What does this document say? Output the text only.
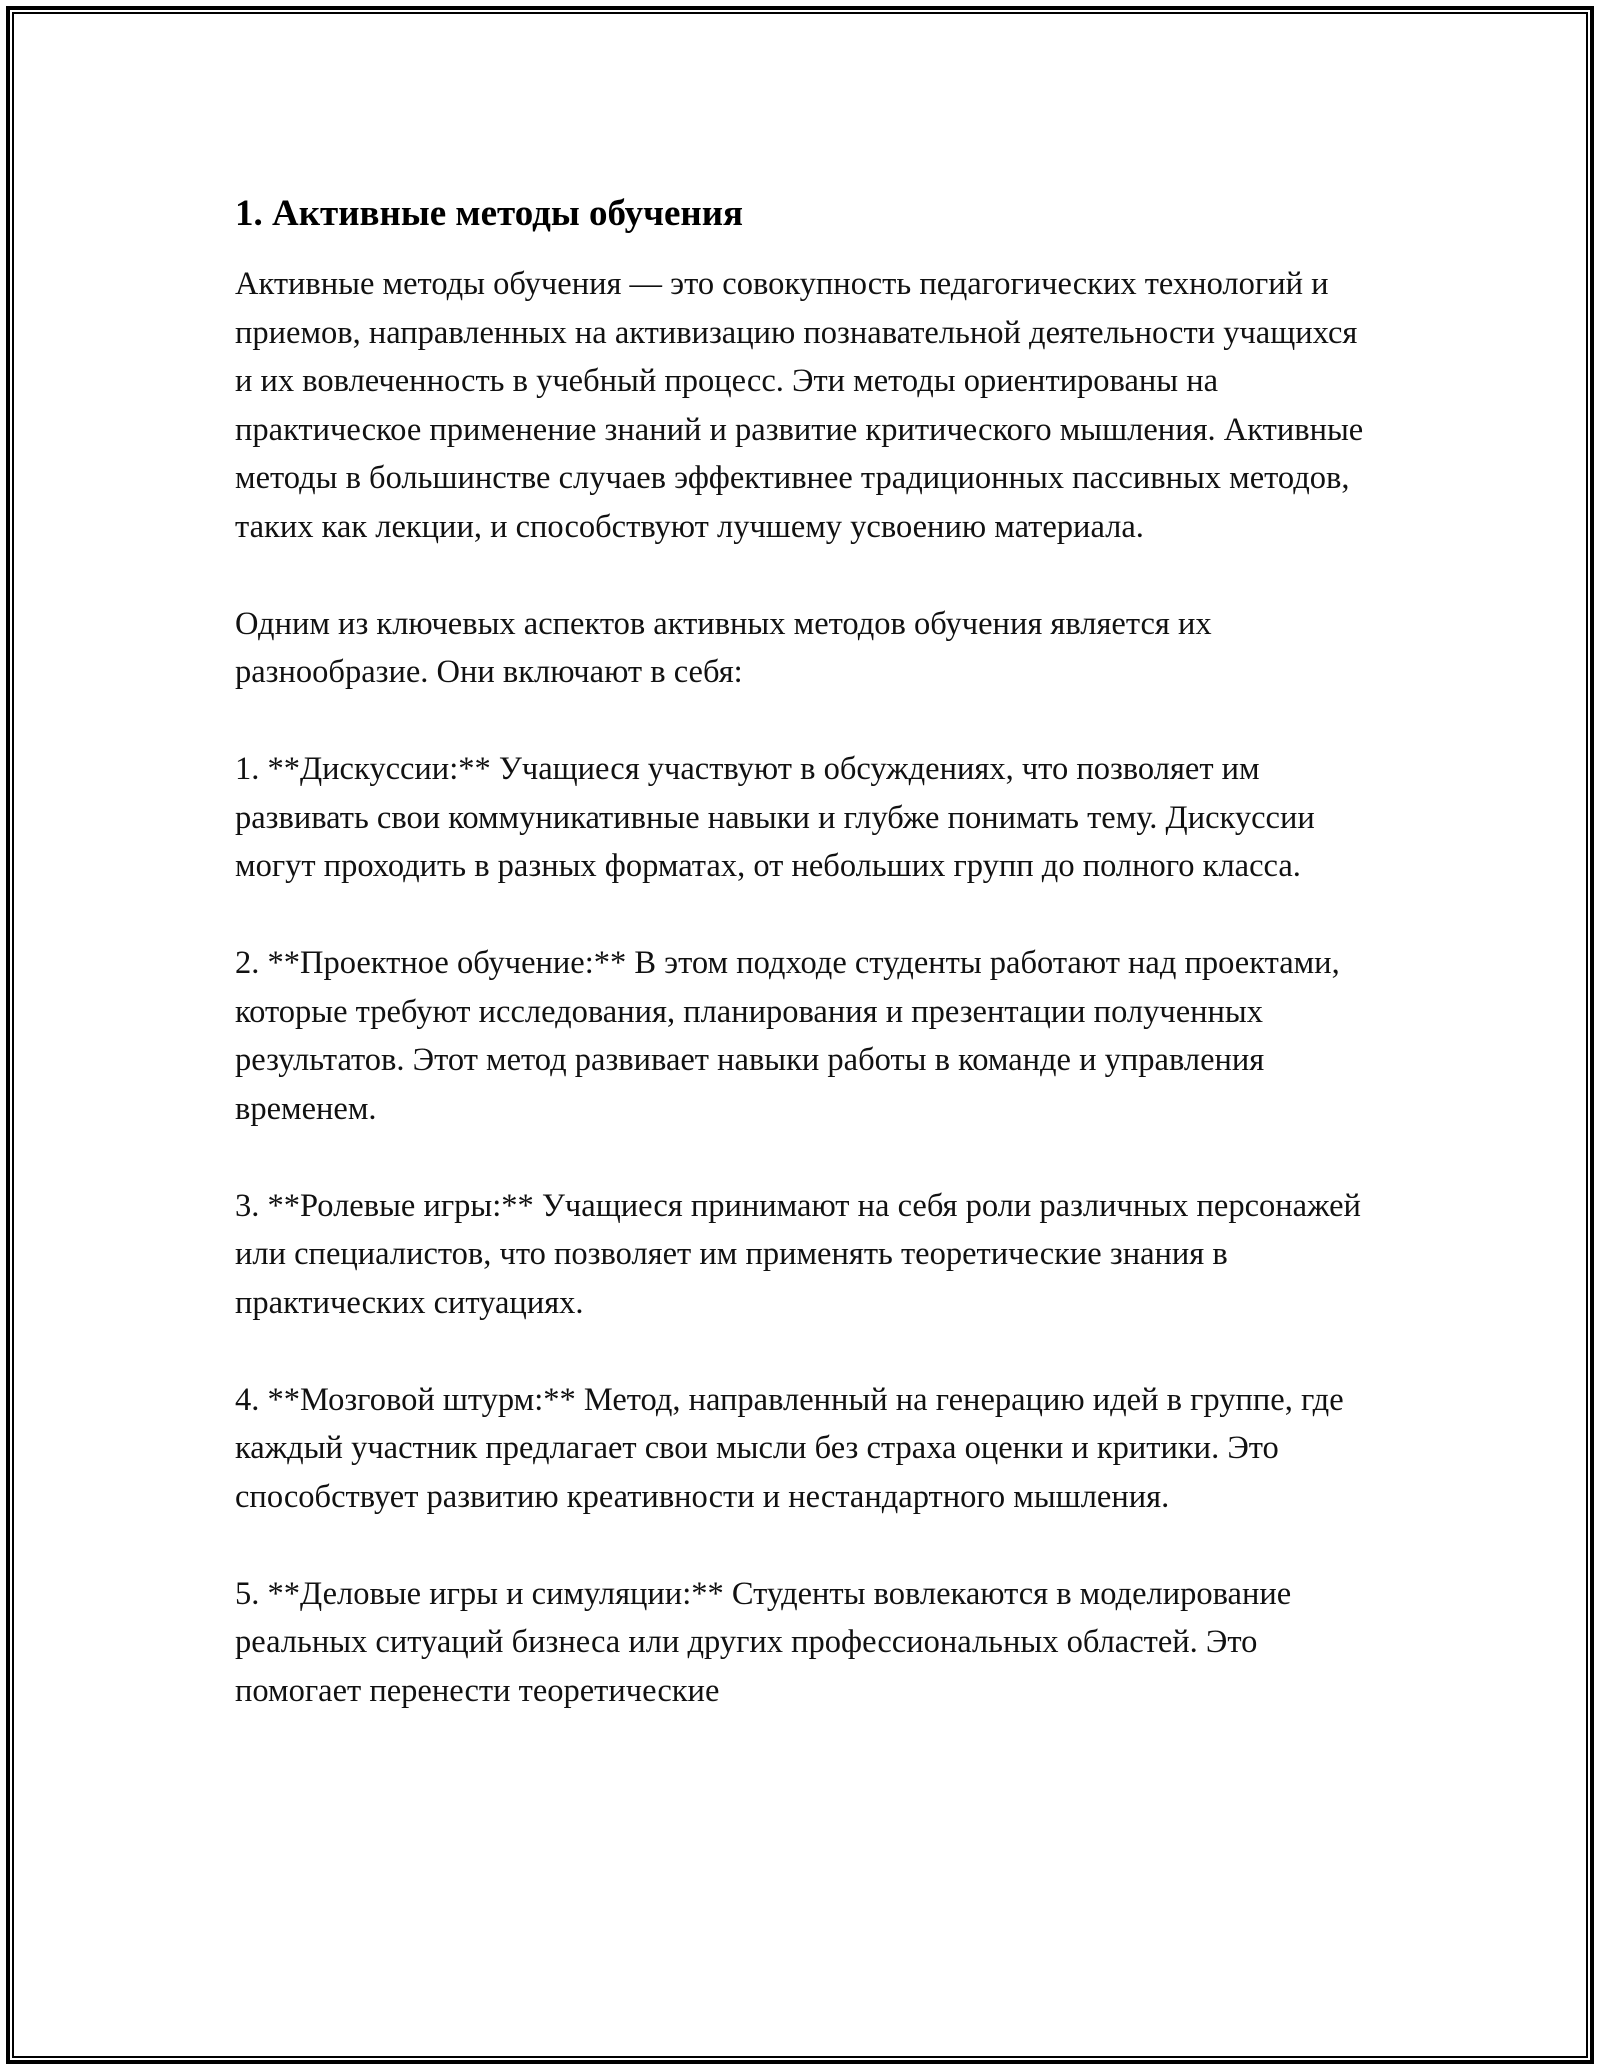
1. Активные методы обучения

Активные методы обучения — это совокупность педагогических технологий и приемов, направленных на активизацию познавательной деятельности учащихся и их вовлеченность в учебный процесс. Эти методы ориентированы на практическое применение знаний и развитие критического мышления. Активные методы в большинстве случаев эффективнее традиционных пассивных методов, таких как лекции, и способствуют лучшему усвоению материала.

Одним из ключевых аспектов активных методов обучения является их разнообразие. Они включают в себя:

1. **Дискуссии:** Учащиеся участвуют в обсуждениях, что позволяет им развивать свои коммуникативные навыки и глубже понимать тему. Дискуссии могут проходить в разных форматах, от небольших групп до полного класса.

2. **Проектное обучение:** В этом подходе студенты работают над проектами, которые требуют исследования, планирования и презентации полученных результатов. Этот метод развивает навыки работы в команде и управления временем.

3. **Ролевые игры:** Учащиеся принимают на себя роли различных персонажей или специалистов, что позволяет им применять теоретические знания в практических ситуациях.

4. **Мозговой штурм:** Метод, направленный на генерацию идей в группе, где каждый участник предлагает свои мысли без страха оценки и критики. Это способствует развитию креативности и нестандартного мышления.

5. **Деловые игры и симуляции:** Студенты вовлекаются в моделирование реальных ситуаций бизнеса или других профессиональных областей. Это помогает перенести теоретические
